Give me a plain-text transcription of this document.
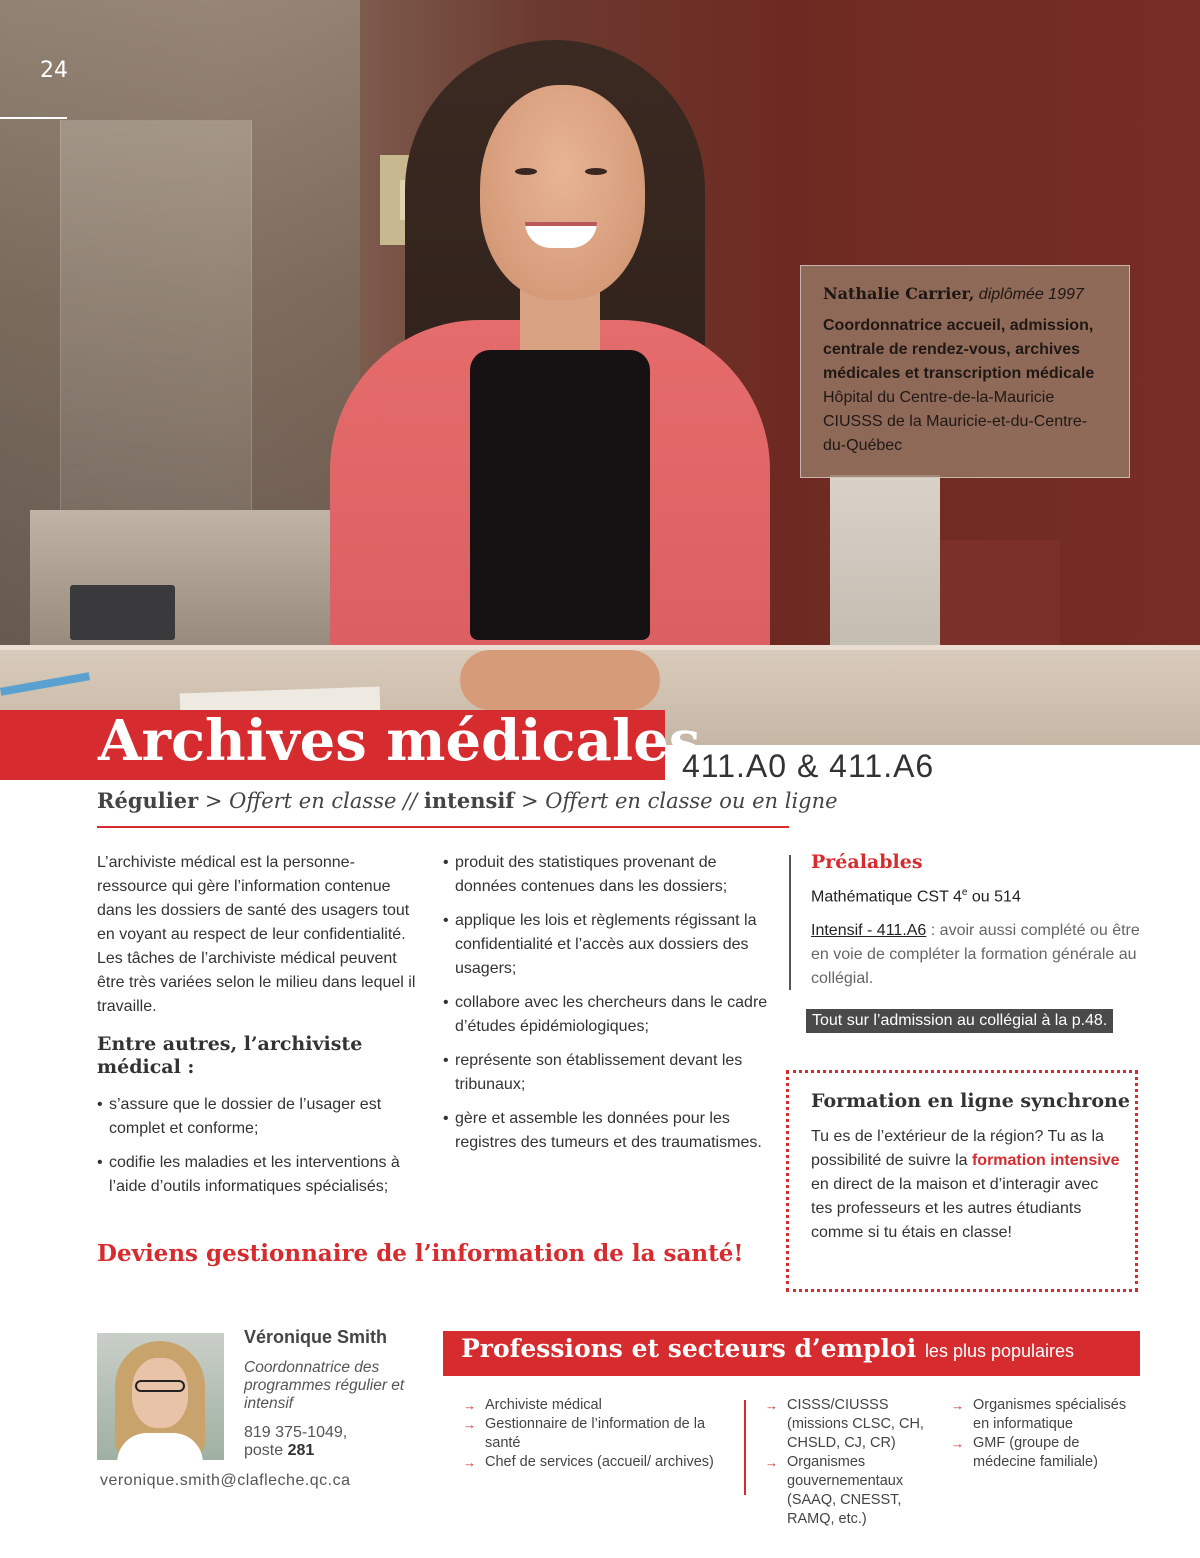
24
Nathalie Carrier, diplômée 1997
Coordonnatrice accueil, admission, centrale de rendez-vous, archives médicales et transcription médicale
Hôpital du Centre-de-la-Mauricie
CIUSSS de la Mauricie-et-du-Centre-du-Québec
Archives médicales
411.A0 & 411.A6
Régulier > Offert en classe // intensif > Offert en classe ou en ligne
L’archiviste médical est la personne-ressource qui gère l’information contenue dans les dossiers de santé des usagers tout en voyant au respect de leur confidentialité. Les tâches de l’archiviste médical peuvent être très variées selon le milieu dans lequel il travaille.
Entre autres, l’archiviste médical :
• s’assure que le dossier de l’usager est complet et conforme;
• codifie les maladies et les interventions à l’aide d’outils informatiques spécialisés;
• produit des statistiques provenant de données contenues dans les dossiers;
• applique les lois et règlements régissant la confidentialité et l’accès aux dossiers des usagers;
• collabore avec les chercheurs dans le cadre d’études épidémiologiques;
• représente son établissement devant les tribunaux;
• gère et assemble les données pour les registres des tumeurs et des traumatismes.
Deviens gestionnaire de l’information de la santé!
Préalables
Mathématique CST 4e ou 514
Intensif - 411.A6 : avoir aussi complété ou être en voie de compléter la formation générale au collégial.
Tout sur l’admission au collégial à la p.48.
Formation en ligne synchrone
Tu es de l’extérieur de la région? Tu as la possibilité de suivre la formation intensive en direct de la maison et d’interagir avec tes professeurs et les autres étudiants comme si tu étais en classe!
Véronique Smith
Coordonnatrice des programmes régulier et intensif
819 375-1049,
poste 281
veronique.smith@clafleche.qc.ca
Professions et secteurs d’emploi les plus populaires
→ Archiviste médical
→ Gestionnaire de l’information de la santé
→ Chef de services (accueil/ archives)
→ CISSS/CIUSSS (missions CLSC, CH, CHSLD, CJ, CR)
→ Organismes gouvernementaux (SAAQ, CNESST, RAMQ, etc.)
→ Organismes spécialisés en informatique
→ GMF (groupe de médecine familiale)
